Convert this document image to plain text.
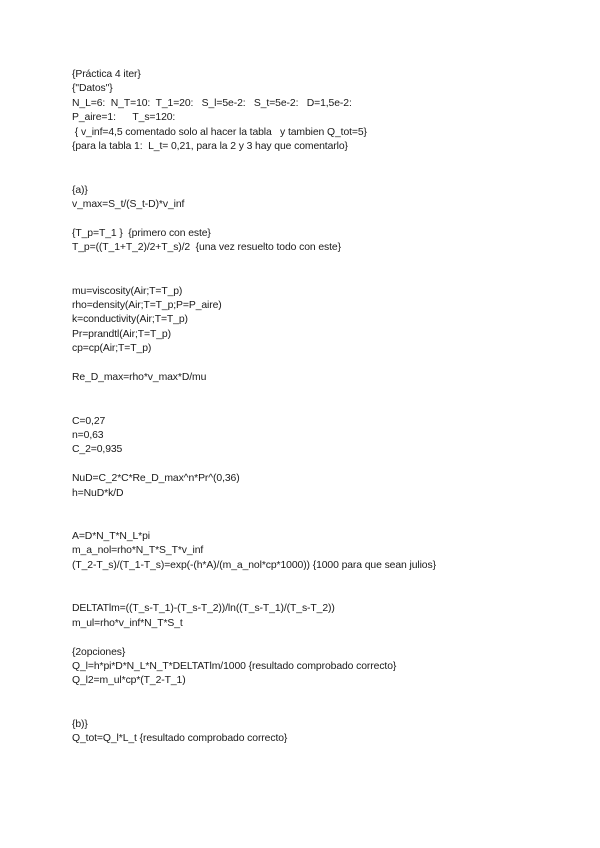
{Práctica 4 iter}
{"Datos"}
N_L=6:  N_T=10:  T_1=20:   S_l=5e-2:   S_t=5e-2:   D=1,5e-2:
P_aire=1:      T_s=120:
{ v_inf=4,5 comentado solo al hacer la tabla   y tambien Q_tot=5}
{para la tabla 1:  L_t= 0,21, para la 2 y 3 hay que comentarlo}
{a)}
v_max=S_t/(S_t-D)*v_inf
{T_p=T_1 }  {primero con este}
T_p=((T_1+T_2)/2+T_s)/2  {una vez resuelto todo con este}
mu=viscosity(Air;T=T_p)
rho=density(Air;T=T_p;P=P_aire)
k=conductivity(Air;T=T_p)
Pr=prandtl(Air;T=T_p)
cp=cp(Air;T=T_p)
Re_D_max=rho*v_max*D/mu
C=0,27
n=0,63
C_2=0,935
NuD=C_2*C*Re_D_max^n*Pr^(0,36)
h=NuD*k/D
A=D*N_T*N_L*pi
m_a_nol=rho*N_T*S_T*v_inf
(T_2-T_s)/(T_1-T_s)=exp(-(h*A)/(m_a_nol*cp*1000)) {1000 para que sean julios}
DELTATlm=((T_s-T_1)-(T_s-T_2))/ln((T_s-T_1)/(T_s-T_2))
m_ul=rho*v_inf*N_T*S_t
{2opciones}
Q_l=h*pi*D*N_L*N_T*DELTATlm/1000 {resultado comprobado correcto}
Q_l2=m_ul*cp*(T_2-T_1)
{b)}
Q_tot=Q_l*L_t {resultado comprobado correcto}
